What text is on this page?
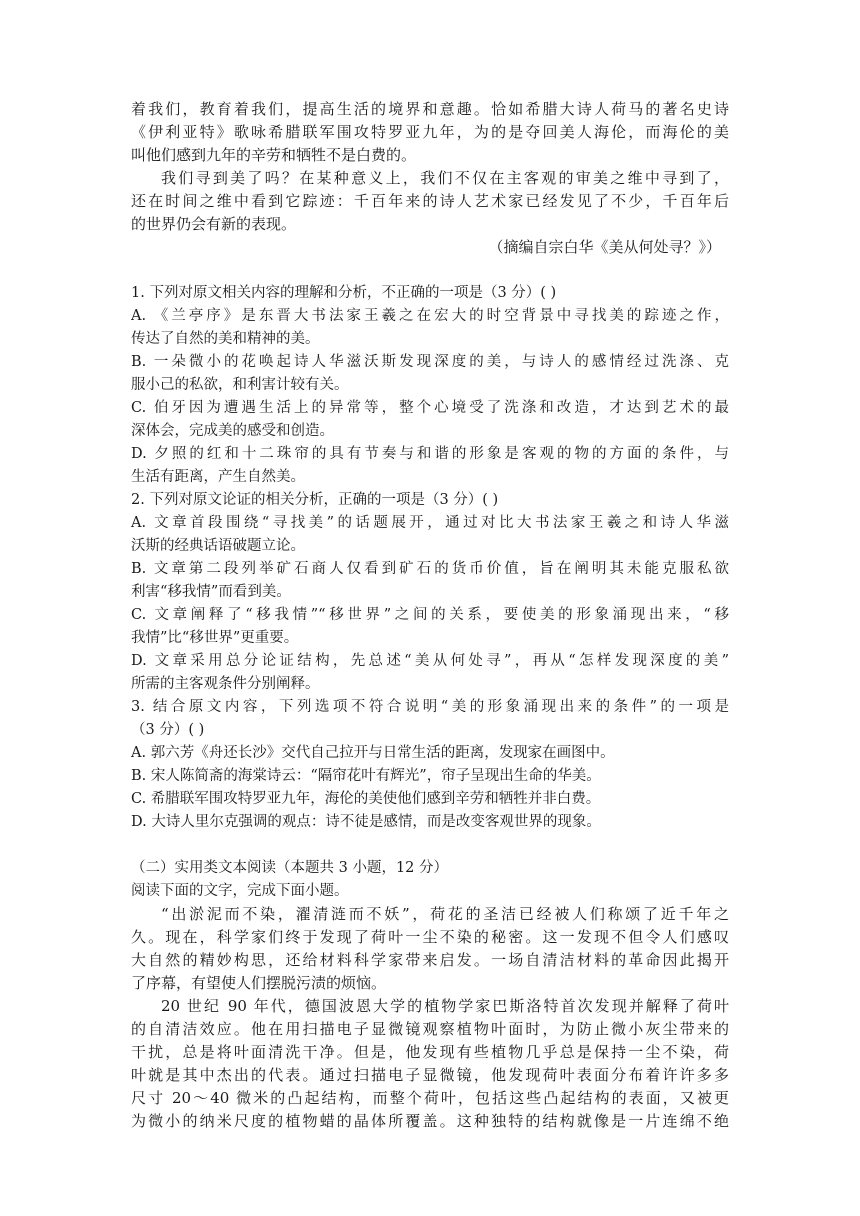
着我们，教育着我们，提高生活的境界和意趣。恰如希腊大诗人荷马的著名史诗
《伊利亚特》歌咏希腊联军围攻特罗亚九年，为的是夺回美人海伦，而海伦的美
叫他们感到九年的辛劳和牺牲不是白费的。
我们寻到美了吗？在某种意义上，我们不仅在主客观的审美之维中寻到了，
还在时间之维中看到它踪迹：千百年来的诗人艺术家已经发见了不少，千百年后
的世界仍会有新的表现。
（摘编自宗白华《美从何处寻？》）
1. 下列对原文相关内容的理解和分析，不正确的一项是（3 分）( )
A. 《兰亭序》是东晋大书法家王羲之在宏大的时空背景中寻找美的踪迹之作，
传达了自然的美和精神的美。
B. 一朵微小的花唤起诗人华滋沃斯发现深度的美，与诗人的感情经过洗涤、克
服小己的私欲，和利害计较有关。
C. 伯牙因为遭遇生活上的异常等，整个心境受了洗涤和改造，才达到艺术的最
深体会，完成美的感受和创造。
D. 夕照的红和十二珠帘的具有节奏与和谐的形象是客观的物的方面的条件，与
生活有距离，产生自然美。
2. 下列对原文论证的相关分析，正确的一项是（3 分）( )
A. 文章首段围绕“寻找美”的话题展开，通过对比大书法家王羲之和诗人华滋
沃斯的经典话语破题立论。
B. 文章第二段列举矿石商人仅看到矿石的货币价值，旨在阐明其未能克服私欲
利害“移我情”而看到美。
C. 文章阐释了“移我情”“移世界”之间的关系，要使美的形象涌现出来，“移
我情”比“移世界”更重要。
D. 文章采用总分论证结构，先总述“美从何处寻”，再从“怎样发现深度的美”
所需的主客观条件分别阐释。
3. 结合原文内容，下列选项不符合说明“美的形象涌现出来的条件”的一项是
（3 分）( )
A. 郭六芳《舟还长沙》交代自己拉开与日常生活的距离，发现家在画图中。
B. 宋人陈简斋的海棠诗云：“隔帘花叶有辉光”，帘子呈现出生命的华美。
C. 希腊联军围攻特罗亚九年，海伦的美使他们感到辛劳和牺牲并非白费。
D. 大诗人里尔克强调的观点：诗不徒是感情，而是改变客观世界的现象。
（二）实用类文本阅读（本题共 3 小题，12 分）
阅读下面的文字，完成下面小题。
“出淤泥而不染，濯清涟而不妖”，荷花的圣洁已经被人们称颂了近千年之
久。现在，科学家们终于发现了荷叶一尘不染的秘密。这一发现不但令人们感叹
大自然的精妙构思，还给材料科学家带来启发。一场自清洁材料的革命因此揭开
了序幕，有望使人们摆脱污渍的烦恼。
20 世纪 90 年代，德国波恩大学的植物学家巴斯洛特首次发现并解释了荷叶
的自清洁效应。他在用扫描电子显微镜观察植物叶面时，为防止微小灰尘带来的
干扰，总是将叶面清洗干净。但是，他发现有些植物几乎总是保持一尘不染，荷
叶就是其中杰出的代表。通过扫描电子显微镜，他发现荷叶表面分布着许许多多
尺寸 20～40 微米的凸起结构，而整个荷叶，包括这些凸起结构的表面，又被更
为微小的纳米尺度的植物蜡的晶体所覆盖。这种独特的结构就像是一片连绵不绝
